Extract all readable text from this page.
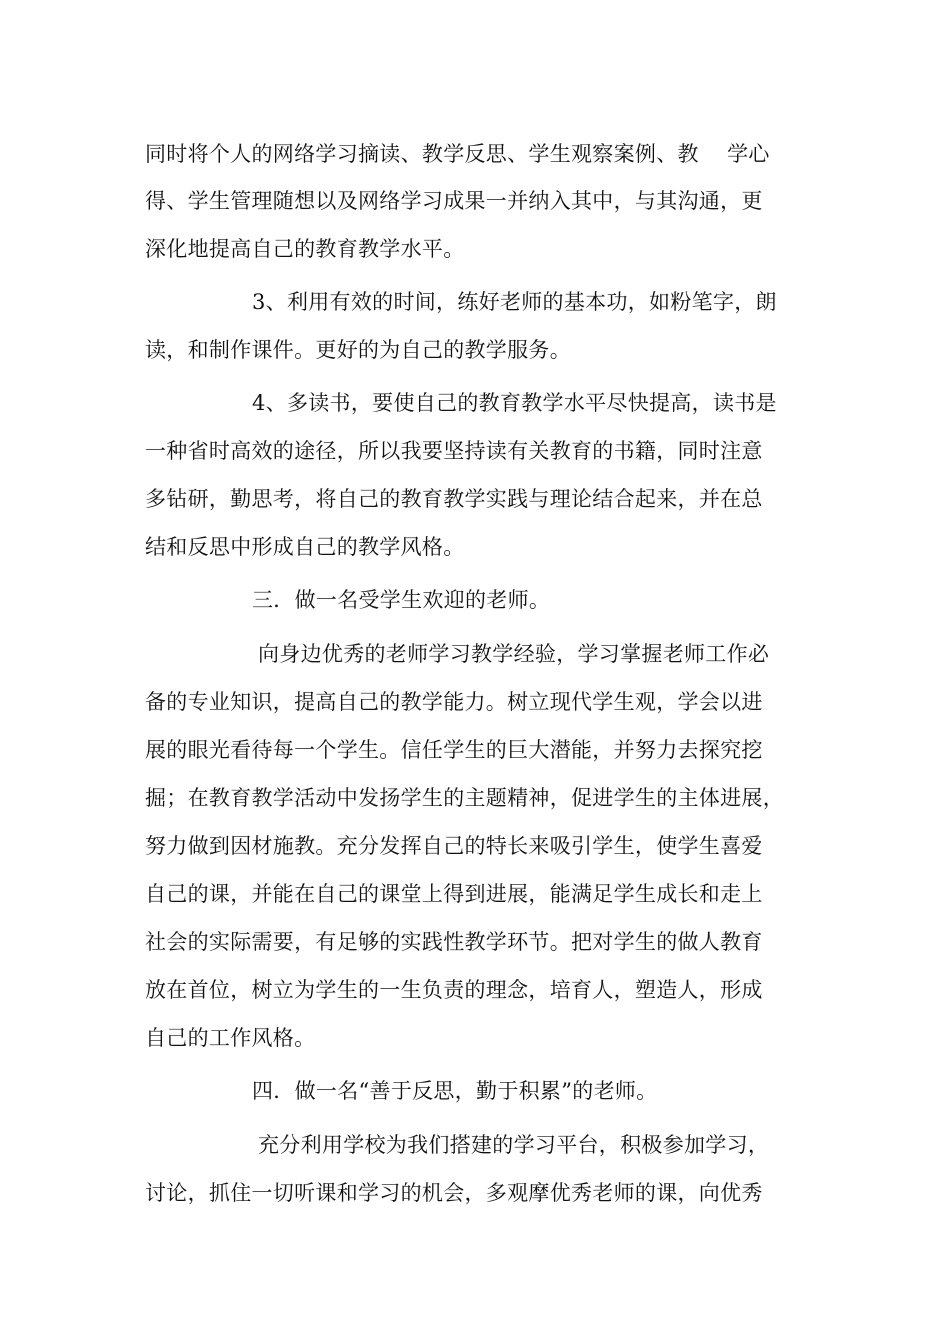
同时将个人的网络学习摘读、教学反思、学生观察案例、教　 学心
得、学生管理随想以及网络学习成果一并纳入其中，与其沟通，更
深化地提高自己的教育教学水平。
3、利用有效的时间，练好老师的基本功，如粉笔字，朗
读，和制作课件。更好的为自己的教学服务。
4、多读书，要使自己的教育教学水平尽快提高，读书是
一种省时高效的途径，所以我要坚持读有关教育的书籍，同时注意
多钻研，勤思考，将自己的教育教学实践与理论结合起来，并在总
结和反思中形成自己的教学风格。
三．做一名受学生欢迎的老师。
向身边优秀的老师学习教学经验，学习掌握老师工作必
备的专业知识，提高自己的教学能力。树立现代学生观，学会以进
展的眼光看待每一个学生。信任学生的巨大潜能，并努力去探究挖
掘；在教育教学活动中发扬学生的主题精神，促进学生的主体进展，
努力做到因材施教。充分发挥自己的特长来吸引学生，使学生喜爱
自己的课，并能在自己的课堂上得到进展，能满足学生成长和走上
社会的实际需要，有足够的实践性教学环节。把对学生的做人教育
放在首位，树立为学生的一生负责的理念，培育人，塑造人，形成
自己的工作风格。
四．做一名“善于反思，勤于积累”的老师。
充分利用学校为我们搭建的学习平台，积极参加学习，
讨论，抓住一切听课和学习的机会，多观摩优秀老师的课，向优秀
